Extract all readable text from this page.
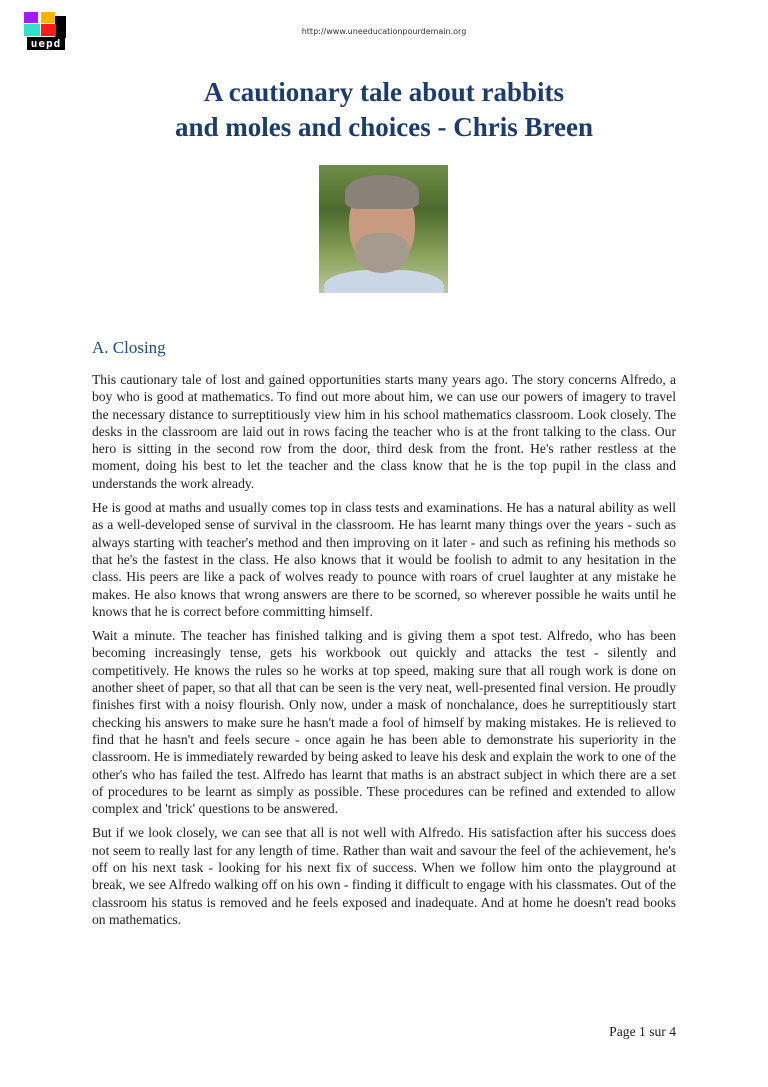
uepd
http://www.uneeducationpourdemain.org
A cautionary tale about rabbits
and moles and choices - Chris Breen
A. Closing

This cautionary tale of lost and gained opportunities starts many years ago. The story concerns Alfredo, a boy who is good at mathematics. To find out more about him, we can use our powers of imagery to travel the necessary distance to surreptitiously view him in his school mathematics classroom. Look closely. The desks in the classroom are laid out in rows facing the teacher who is at the front talking to the class. Our hero is sitting in the second row from the door, third desk from the front. He's rather restless at the moment, doing his best to let the teacher and the class know that he is the top pupil in the class and understands the work already.

He is good at maths and usually comes top in class tests and examinations. He has a natural ability as well as a well-developed sense of survival in the classroom. He has learnt many things over the years - such as always starting with teacher's method and then improving on it later - and such as refining his methods so that he's the fastest in the class. He also knows that it would be foolish to admit to any hesitation in the class. His peers are like a pack of wolves ready to pounce with roars of cruel laughter at any mistake he makes. He also knows that wrong answers are there to be scorned, so wherever possible he waits until he knows that he is correct before committing himself.

Wait a minute. The teacher has finished talking and is giving them a spot test. Alfredo, who has been becoming increasingly tense, gets his workbook out quickly and attacks the test - silently and competitively. He knows the rules so he works at top speed, making sure that all rough work is done on another sheet of paper, so that all that can be seen is the very neat, well-presented final version. He proudly finishes first with a noisy flourish. Only now, under a mask of nonchalance, does he surreptitiously start checking his answers to make sure he hasn't made a fool of himself by making mistakes. He is relieved to find that he hasn't and feels secure - once again he has been able to demonstrate his superiority in the classroom. He is immediately rewarded by being asked to leave his desk and explain the work to one of the other's who has failed the test. Alfredo has learnt that maths is an abstract subject in which there are a set of procedures to be learnt as simply as possible. These procedures can be refined and extended to allow complex and 'trick' questions to be answered.

But if we look closely, we can see that all is not well with Alfredo. His satisfaction after his success does not seem to really last for any length of time. Rather than wait and savour the feel of the achievement, he's off on his next task - looking for his next fix of success. When we follow him onto the playground at break, we see Alfredo walking off on his own - finding it difficult to engage with his classmates. Out of the classroom his status is removed and he feels exposed and inadequate. And at home he doesn't read books on mathematics.

Page 1 sur 4
